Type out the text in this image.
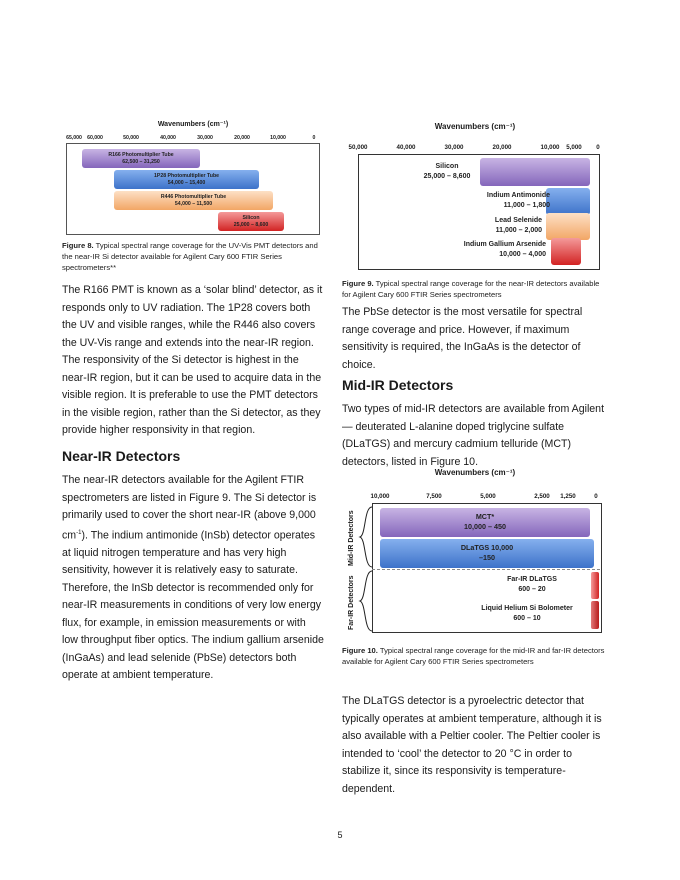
Wavenumbers (cm⁻¹)
65,000 60,000	50,000	40,000	30,000	20,000	10,000	0
R166 Photomultiplier Tube
62,500 – 31,250
1P28 Photomultiplier Tube
54,000 – 15,400
R446 Photomultiplier Tube
54,000 – 11,500
Silicon
25,000 – 8,600

Figure 8. Typical spectral range coverage for the UV-Vis PMT detectors and the near-IR Si detector available for Agilent Cary 600 FTIR Series spectrometers**

The R166 PMT is known as a ‘solar blind’ detector, as it responds only to UV radiation. The 1P28 covers both the UV and visible ranges, while the R446 also covers the UV-Vis range and extends into the near-IR region. The responsivity of the Si detector is highest in the near-IR region, but it can be used to acquire data in the visible region. It is preferable to use the PMT detectors in the visible region, rather than the Si detector, as they provide higher responsivity in that region.

Near-IR Detectors

The near-IR detectors available for the Agilent FTIR spectrometers are listed in Figure 9. The Si detector is primarily used to cover the short near-IR (above 9,000 $cm^{-1}$). The indium antimonide (InSb) detector operates at liquid nitrogen temperature and has very high sensitivity, however it is relatively easy to saturate. Therefore, the InSb detector is recommended only for near-IR measurements in conditions of very low energy flux, for example, in emission measurements or with low throughput fiber optics. The indium gallium arsenide (InGaAs) and lead selenide (PbSe) detectors both operate at ambient temperature.

Wavenumbers (cm⁻¹)
50,000	40,000	30,000	20,000	10,000 5,000 0
Silicon
25,000 – 8,600
Indium Antimonide
11,000 – 1,800
Lead Selenide
11,000 – 2,000
Indium Gallium Arsenide
10,000 – 4,000

Figure 9. Typical spectral range coverage for the near-IR detectors available for Agilent Cary 600 FTIR Series spectrometers

The PbSe detector is the most versatile for spectral range coverage and price. However, if maximum sensitivity is required, the InGaAs is the detector of choice.

Mid-IR Detectors

Two types of mid-IR detectors are available from Agilent — deuterated L-alanine doped triglycine sulfate (DLaTGS) and mercury cadmium telluride (MCT) detectors, listed in Figure 10.

Wavenumbers (cm⁻¹)
10,000	7,500	5,000	2,500 1,250	0
Mid-IR Detectors
Far-IR Detectors
MCT*
10,000 – 450
DLaTGS 10,000
–150
Far-IR DLaTGS
600 – 20
Liquid Helium Si Bolometer
600 – 10

Figure 10. Typical spectral range coverage for the mid-IR and far-IR detectors available for Agilent Cary 600 FTIR Series spectrometers

The DLaTGS detector is a pyroelectric detector that typically operates at ambient temperature, although it is also available with a Peltier cooler. The Peltier cooler is intended to ‘cool’ the detector to 20 °C in order to stabilize it, since its responsivity is temperature-dependent.

5
